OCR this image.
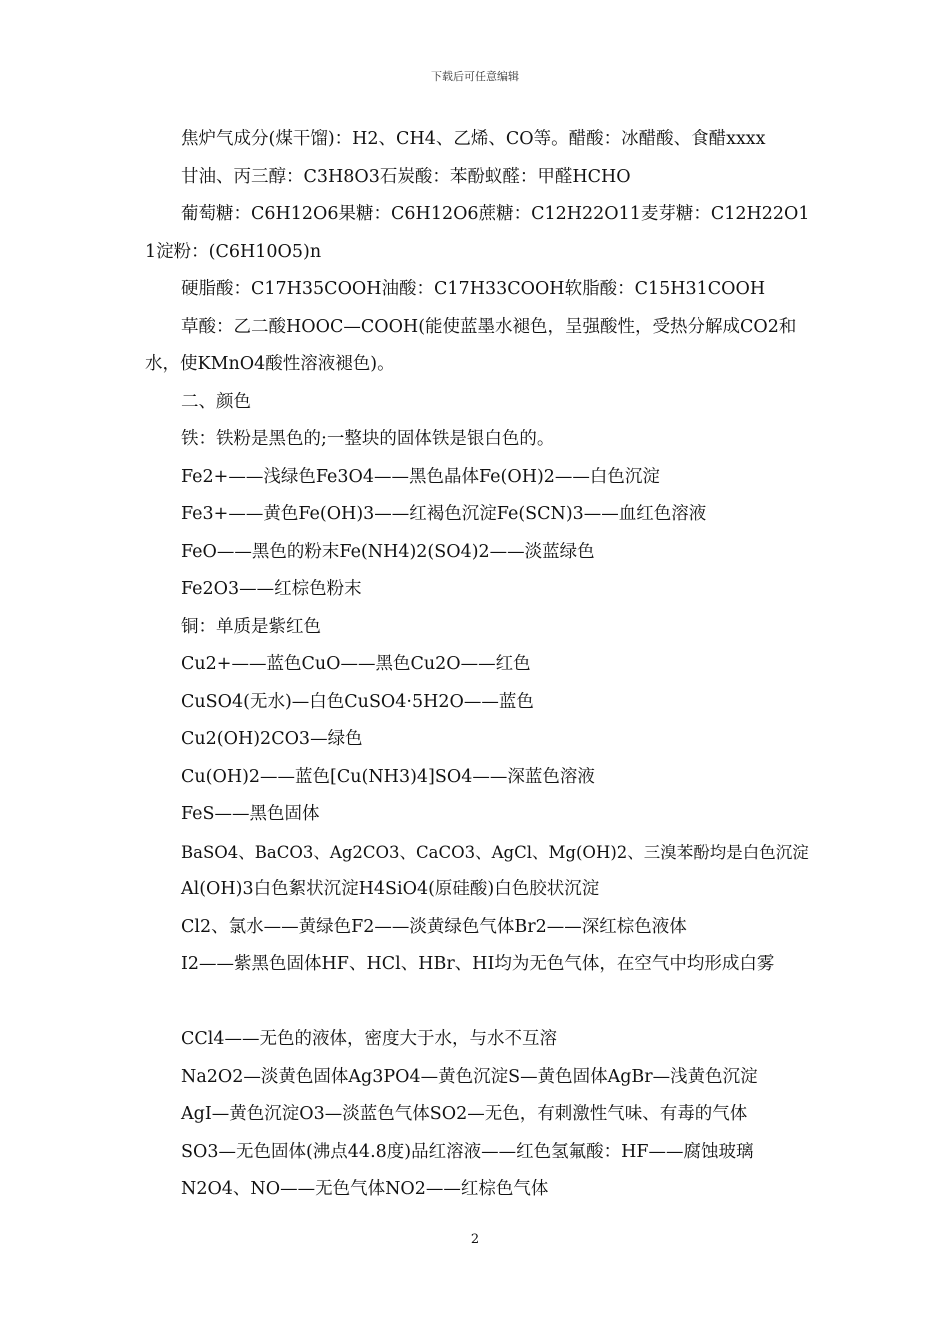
下载后可任意编辑

焦炉气成分(煤干馏)：H2、CH4、乙烯、CO等。醋酸：冰醋酸、食醋xxxx

甘油、丙三醇：C3H8O3石炭酸：苯酚蚁醛：甲醛HCHO

葡萄糖：C6H12O6果糖：C6H12O6蔗糖：C12H22O11麦芽糖：C12H22O11淀粉：(C6H10O5)n

硬脂酸：C17H35COOH油酸：C17H33COOH软脂酸：C15H31COOH

草酸：乙二酸HOOC—COOH(能使蓝墨水褪色，呈强酸性，受热分解成CO2和水，使KMnO4酸性溶液褪色)。

二、颜色

铁：铁粉是黑色的;一整块的固体铁是银白色的。

Fe2+——浅绿色Fe3O4——黑色晶体Fe(OH)2——白色沉淀

Fe3+——黄色Fe(OH)3——红褐色沉淀Fe(SCN)3——血红色溶液

FeO——黑色的粉末Fe(NH4)2(SO4)2——淡蓝绿色

Fe2O3——红棕色粉末

铜：单质是紫红色

Cu2+——蓝色CuO——黑色Cu2O——红色

CuSO4(无水)—白色CuSO4·5H2O——蓝色

Cu2(OH)2CO3—绿色

Cu(OH)2——蓝色[Cu(NH3)4]SO4——深蓝色溶液

FeS——黑色固体

BaSO4、BaCO3、Ag2CO3、CaCO3、AgCl、Mg(OH)2、三溴苯酚均是白色沉淀

Al(OH)3白色絮状沉淀H4SiO4(原硅酸)白色胶状沉淀

Cl2、氯水——黄绿色F2——淡黄绿色气体Br2——深红棕色液体

I2——紫黑色固体HF、HCl、HBr、HI均为无色气体，在空气中均形成白雾

CCl4——无色的液体，密度大于水，与水不互溶

Na2O2—淡黄色固体Ag3PO4—黄色沉淀S—黄色固体AgBr—浅黄色沉淀

AgI—黄色沉淀O3—淡蓝色气体SO2—无色，有刺激性气味、有毒的气体

SO3—无色固体(沸点44.8度)品红溶液——红色氢氟酸：HF——腐蚀玻璃

N2O4、NO——无色气体NO2——红棕色气体

2
